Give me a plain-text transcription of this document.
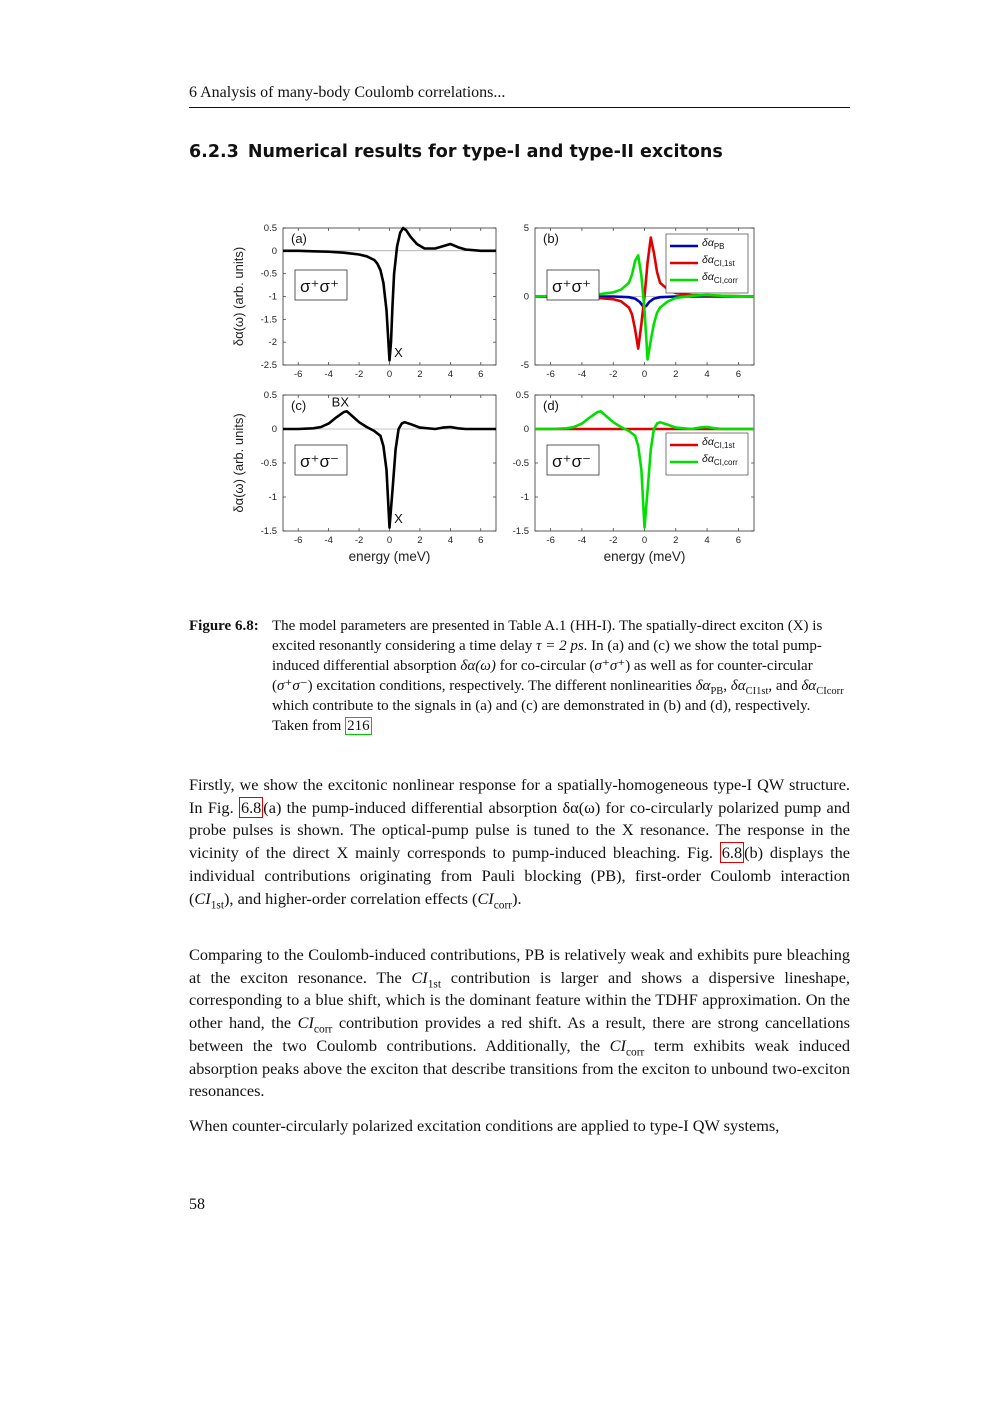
6 Analysis of many-body Coulomb correlations...
6.2.3 Numerical results for type-I and type-II excitons
-6 -4 -2 0	2	4	6
0.5
0
-0.5
-1
-1.5
-2
-2.5
(a)
σ⁺σ⁺
X
δα(ω) (arb. units)
-6 -4 -2	0	2	4	6
5
0
-5
(b)
σ⁺σ⁺
$\delta\alpha_{PB}$
$\delta\alpha_{CI,1st}$
$\delta\alpha_{CI,corr}$
-6 -4 -2 0	2	4	6
0.5
0
-0.5
-1
-1.5
(c)
σ⁺σ⁻
BX
X
δα(ω) (arb. units)
energy (meV)
-6 -4 -2	0	2	4	6
0.5
0
-0.5
-1
-1.5
(d)
σ⁺σ⁻
energy (meV)
$\delta\alpha_{CI,1st}$
$\delta\alpha_{CI,corr}$
Figure 6.8: The model parameters are presented in Table A.1 (HH-I). The spatially-direct exciton (X) is excited resonantly considering a time delay τ = 2 ps. In (a) and (c) we show the total pump-induced differential absorption δα(ω) for co-circular (σ⁺σ⁺) as well as for counter-circular (σ⁺σ⁻) excitation conditions, respectively. The different nonlinearities $\delta\alpha_{PB}$, $\delta\alpha_{CI1st}$, and $\delta\alpha_{CIcorr}$ which contribute to the signals in (a) and (c) are demonstrated in (b) and (d), respectively. Taken from 216

Firstly, we show the excitonic nonlinear response for a spatially-homogeneous type-I QW structure. In Fig. 6.8 (a) the pump-induced differential absorption δα(ω) for co-circularly polarized pump and probe pulses is shown. The optical-pump pulse is tuned to the X resonance. The response in the vicinity of the direct X mainly corresponds to pump-induced bleaching. Fig. 6.8 (b) displays the individual contributions originating from Pauli blocking (PB), first-order Coulomb interaction $(CI_{1st})$, and higher-order correlation effects $(CI_{corr})$.

Comparing to the Coulomb-induced contributions, PB is relatively weak and exhibits pure bleaching at the exciton resonance. The $CI_{1st}$ contribution is larger and shows a dispersive lineshape, corresponding to a blue shift, which is the dominant feature within the TDHF approximation. On the other hand, the $CI_{corr}$ contribution provides a red shift. As a result, there are strong cancellations between the two Coulomb contributions. Additionally, the $CI_{corr}$ term exhibits weak induced absorption peaks above the exciton that describe transitions from the exciton to unbound two-exciton resonances.

When counter-circularly polarized excitation conditions are applied to type-I QW systems,

58
